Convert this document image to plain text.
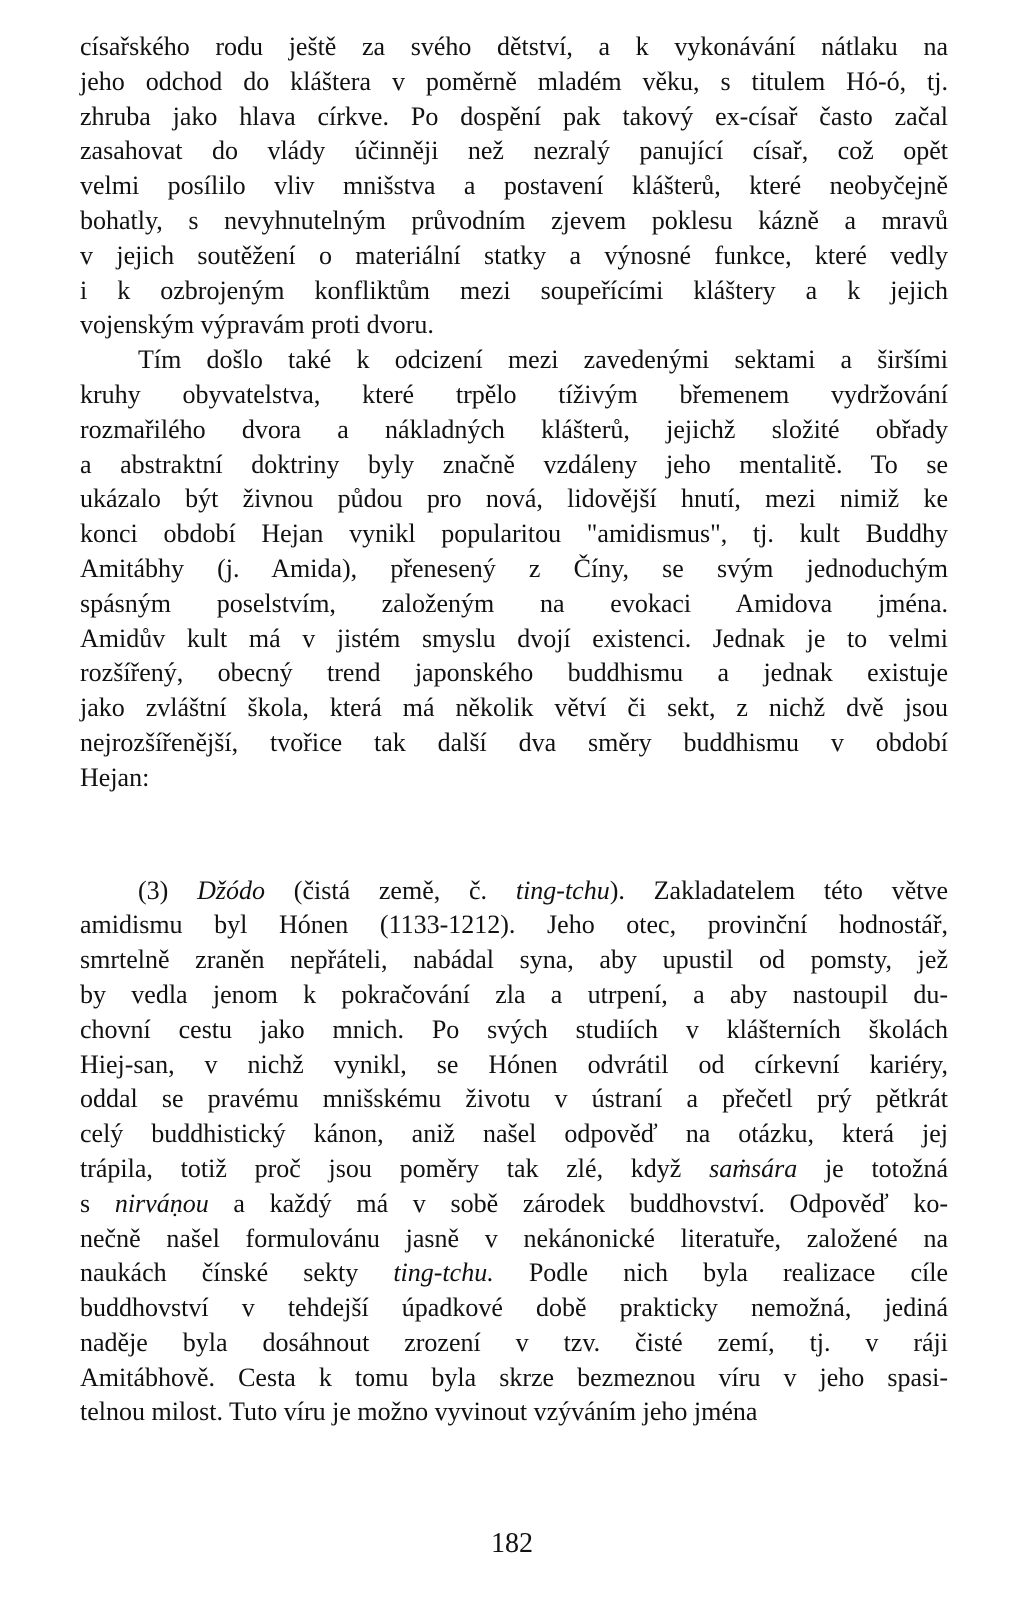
císařského rodu ještě za svého dětství, a k vykonávání nátlaku na
jeho odchod do kláštera v poměrně mladém věku, s titulem Hó-ó, tj.
zhruba jako hlava církve. Po dospění pak takový ex-císař často začal
zasahovat do vlády účinněji než nezralý panující císař, což opět
velmi posílilo vliv mnišstva a postavení klášterů, které neobyčejně
bohatly, s nevyhnutelným průvodním zjevem poklesu kázně a mravů
v jejich soutěžení o materiální statky a výnosné funkce, které vedly
i k ozbrojeným konfliktům mezi soupeřícími kláštery a k jejich
vojenským výpravám proti dvoru.
Tím došlo také k odcizení mezi zavedenými sektami a širšími
kruhy obyvatelstva, které trpělo tíživým břemenem vydržování
rozmařilého dvora a nákladných klášterů, jejichž složité obřady
a abstraktní doktriny byly značně vzdáleny jeho mentalitě. To se
ukázalo být živnou půdou pro nová, lidovější hnutí, mezi nimiž ke
konci období Hejan vynikl popularitou "amidismus", tj. kult Buddhy
Amitábhy (j. Amida), přenesený z Číny, se svým jednoduchým
spásným poselstvím, založeným na evokaci Amidova jména.
Amidův kult má v jistém smyslu dvojí existenci. Jednak je to velmi
rozšířený, obecný trend japonského buddhismu a jednak existuje
jako zvláštní škola, která má několik větví či sekt, z nichž dvě jsou
nejrozšířenější, tvořice tak další dva směry buddhismu v období
Hejan:
(3) Džódo (čistá země, č. ting-tchu). Zakladatelem této větve
amidismu byl Hónen (1133-1212). Jeho otec, provinční hodnostář,
smrtelně zraněn nepřáteli, nabádal syna, aby upustil od pomsty, jež
by vedla jenom k pokračování zla a utrpení, a aby nastoupil du-
chovní cestu jako mnich. Po svých studiích v klášterních školách
Hiej-san, v nichž vynikl, se Hónen odvrátil od církevní kariéry,
oddal se pravému mnišskému životu v ústraní a přečetl prý pětkrát
celý buddhistický kánon, aniž našel odpověď na otázku, která jej
trápila, totiž proč jsou poměry tak zlé, když saṁsára je totožná
s nirváṇou a každý má v sobě zárodek buddhovství. Odpověď ko-
nečně našel formulovánu jasně v nekánonické literatuře, založené na
naukách čínské sekty ting-tchu. Podle nich byla realizace cíle
buddhovství v tehdejší úpadkové době prakticky nemožná, jediná
naděje byla dosáhnout zrození v tzv. čisté zemí, tj. v ráji
Amitábhově. Cesta k tomu byla skrze bezmeznou víru v jeho spasi-
telnou milost. Tuto víru je možno vyvinout vzýváním jeho jména
182
